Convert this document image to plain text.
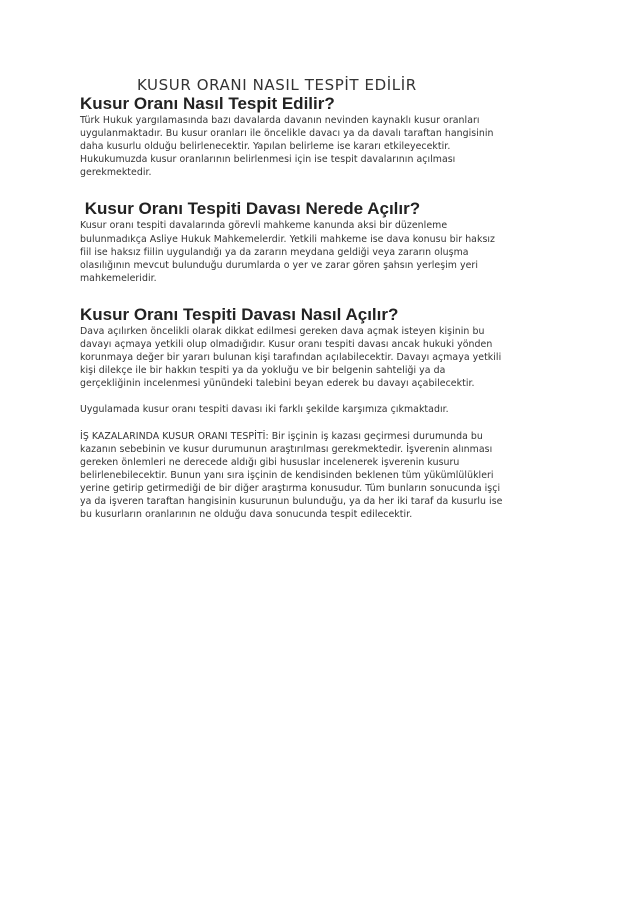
KUSUR ORANI NASIL TESPİT EDİLİR
Kusur Oranı Nasıl Tespit Edilir?

Türk Hukuk yargılamasında bazı davalarda davanın nevinden kaynaklı kusur oranları
uygulanmaktadır. Bu kusur oranları ile öncelikle davacı ya da davalı taraftan hangisinin
daha kusurlu olduğu belirlenecektir. Yapılan belirleme ise kararı etkileyecektir.
Hukukumuzda kusur oranlarının belirlenmesi için ise tespit davalarının açılması
gerekmektedir.

Kusur Oranı Tespiti Davası Nerede Açılır?

Kusur oranı tespiti davalarında görevli mahkeme kanunda aksi bir düzenleme
bulunmadıkça Asliye Hukuk Mahkemelerdir. Yetkili mahkeme ise dava konusu bir haksız
fiil ise haksız fiilin uygulandığı ya da zararın meydana geldiği veya zararın oluşma
olasılığının mevcut bulunduğu durumlarda o yer ve zarar gören şahsın yerleşim yeri
mahkemeleridir.

Kusur Oranı Tespiti Davası Nasıl Açılır?

Dava açılırken öncelikli olarak dikkat edilmesi gereken dava açmak isteyen kişinin bu
davayı açmaya yetkili olup olmadığıdır. Kusur oranı tespiti davası ancak hukuki yönden
korunmaya değer bir yararı bulunan kişi tarafından açılabilecektir. Davayı açmaya yetkili
kişi dilekçe ile bir hakkın tespiti ya da yokluğu ve bir belgenin sahteliği ya da
gerçekliğinin incelenmesi yünündeki talebini beyan ederek bu davayı açabilecektir.

Uygulamada kusur oranı tespiti davası iki farklı şekilde karşımıza çıkmaktadır.

İŞ KAZALARINDA KUSUR ORANI TESPİTİ: Bir işçinin iş kazası geçirmesi durumunda bu
kazanın sebebinin ve kusur durumunun araştırılması gerekmektedir. İşverenin alınması
gereken önlemleri ne derecede aldığı gibi hususlar incelenerek işverenin kusuru
belirlenebilecektir. Bunun yanı sıra işçinin de kendisinden beklenen tüm yükümlülükleri
yerine getirip getirmediği de bir diğer araştırma konusudur. Tüm bunların sonucunda işçi
ya da işveren taraftan hangisinin kusurunun bulunduğu, ya da her iki taraf da kusurlu ise
bu kusurların oranlarının ne olduğu dava sonucunda tespit edilecektir.
